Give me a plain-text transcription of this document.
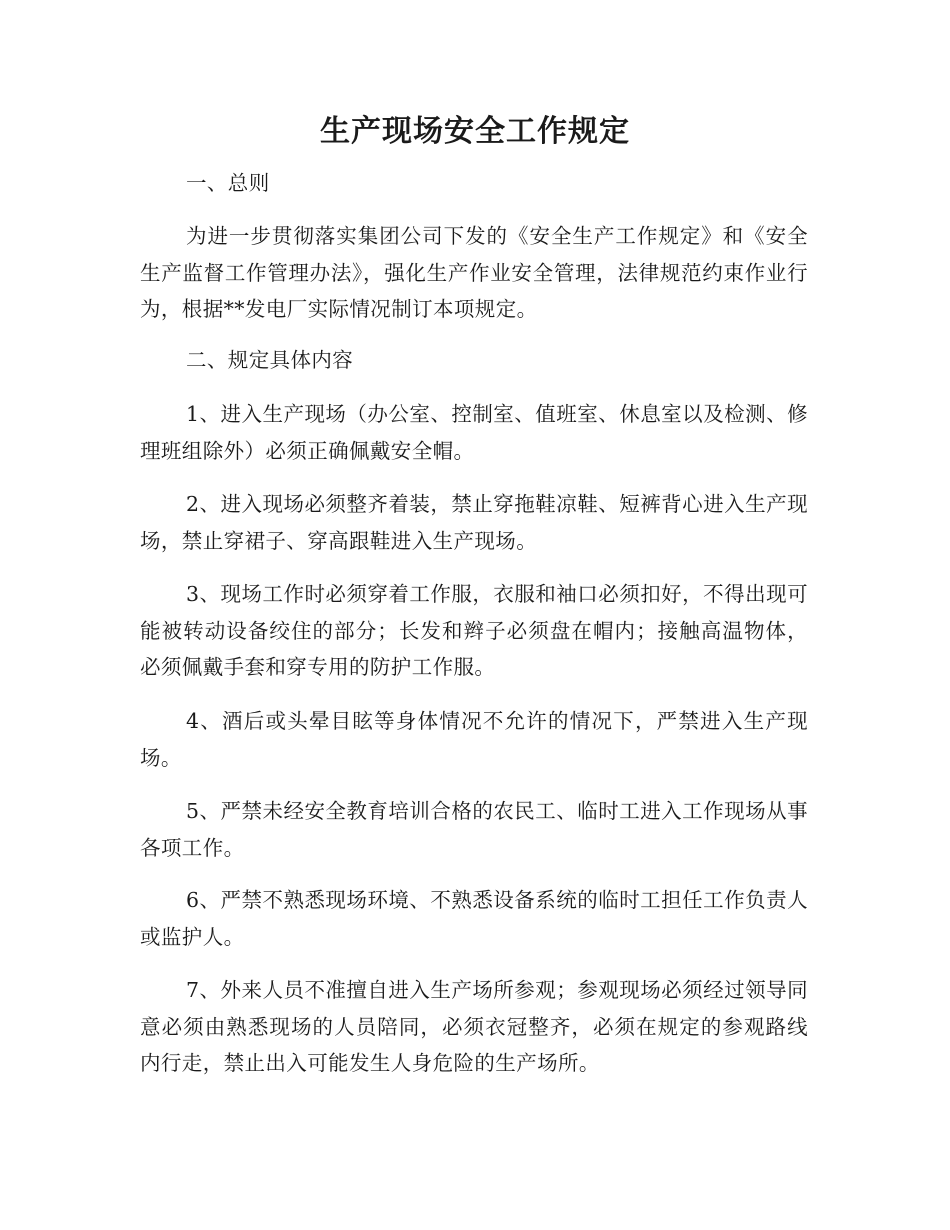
生产现场安全工作规定

一、总则

为进一步贯彻落实集团公司下发的《安全生产工作规定》和《安全生产监督工作管理办法》，强化生产作业安全管理，法律规范约束作业行为，根据**发电厂实际情况制订本项规定。

二、规定具体内容

1、进入生产现场（办公室、控制室、值班室、休息室以及检测、修理班组除外）必须正确佩戴安全帽。

2、进入现场必须整齐着装，禁止穿拖鞋凉鞋、短裤背心进入生产现场，禁止穿裙子、穿高跟鞋进入生产现场。

3、现场工作时必须穿着工作服，衣服和袖口必须扣好，不得出现可能被转动设备绞住的部分；长发和辫子必须盘在帽内；接触高温物体，必须佩戴手套和穿专用的防护工作服。

4、酒后或头晕目眩等身体情况不允许的情况下，严禁进入生产现场。

5、严禁未经安全教育培训合格的农民工、临时工进入工作现场从事各项工作。

6、严禁不熟悉现场环境、不熟悉设备系统的临时工担任工作负责人或监护人。

7、外来人员不准擅自进入生产场所参观；参观现场必须经过领导同意必须由熟悉现场的人员陪同，必须衣冠整齐，必须在规定的参观路线内行走，禁止出入可能发生人身危险的生产场所。
